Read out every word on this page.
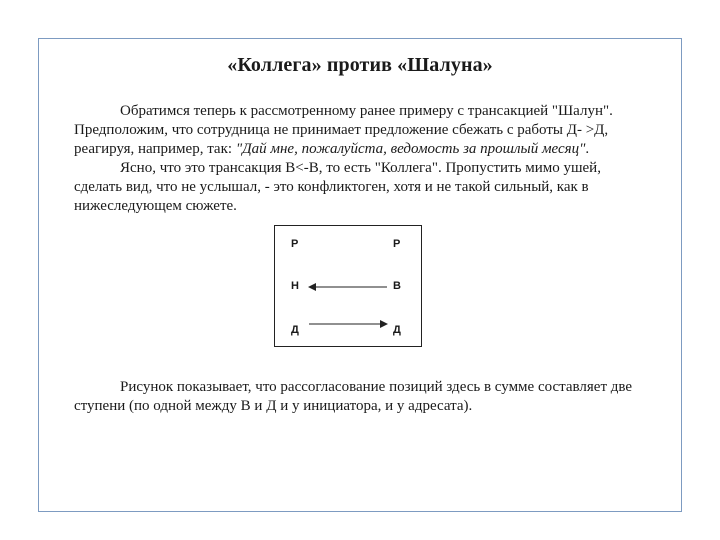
«Коллега» против «Шалуна»
Обратимся теперь к рассмотренному ранее примеру с трансакцией "Шалун".
Предположим, что сотрудница не принимает предложение сбежать с работы Д- >Д,
реагируя, например, так: "Дай мне, пожалуйста, ведомость за прошлый месяц".
Ясно, что это трансакция В<-В, то есть "Коллега". Пропустить мимо ушей,
сделать вид, что не услышал, - это конфликтоген, хотя и не такой сильный, как в
нижеследующем сюжете.
Р
Н
Д
Р
В
Д
Рисунок показывает, что рассогласование позиций здесь в сумме составляет две
ступени (по одной между В и Д и у инициатора, и у адресата).
